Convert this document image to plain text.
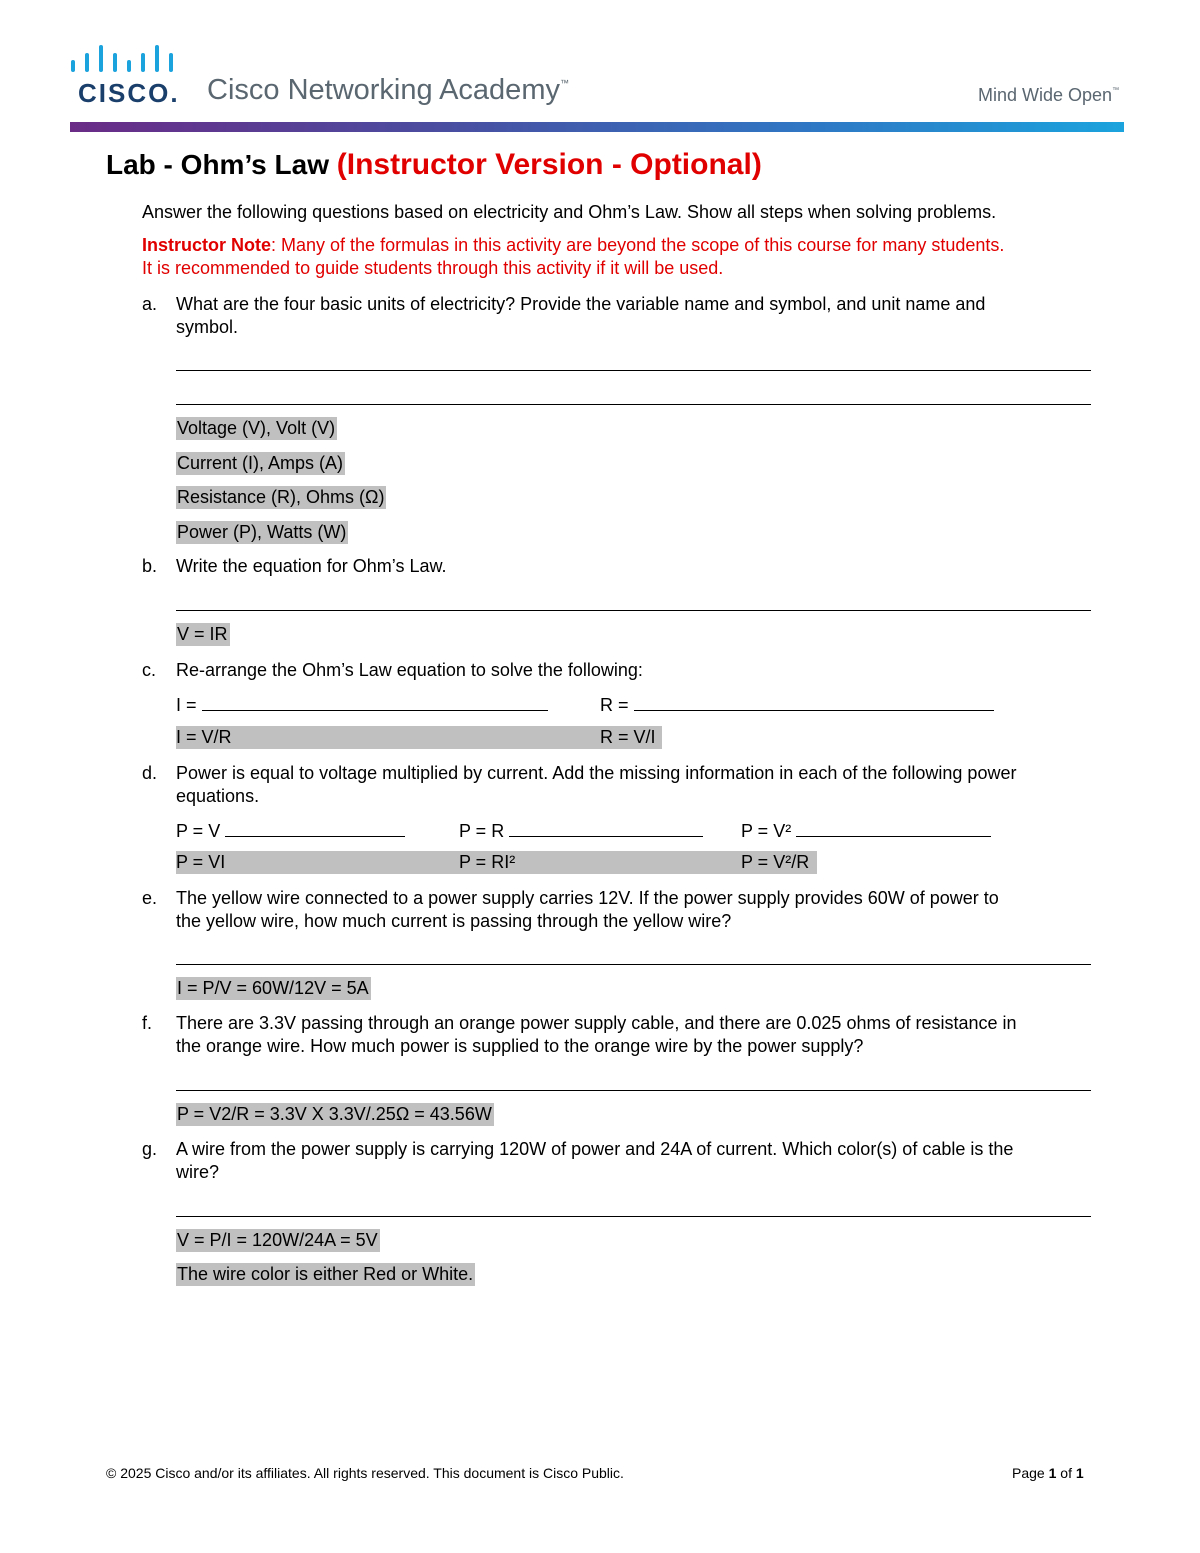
CISCO. Cisco Networking Academy™
Mind Wide Open™
Lab - Ohm’s Law (Instructor Version - Optional)
Answer the following questions based on electricity and Ohm’s Law. Show all steps when solving problems.
Instructor Note: Many of the formulas in this activity are beyond the scope of this course for many students.
It is recommended to guide students through this activity if it will be used.
a. What are the four basic units of electricity? Provide the variable name and symbol, and unit name and
symbol.
Voltage (V), Volt (V)
Current (I), Amps (A)
Resistance (R), Ohms (Ω)
Power (P), Watts (W)
b. Write the equation for Ohm’s Law.
V = IR
c. Re-arrange the Ohm’s Law equation to solve the following:
I =	R =
I = V/R	R = V/I
d. Power is equal to voltage multiplied by current. Add the missing information in each of the following power
equations.
P = V	P = R	P = V²
P = VI	P = RI²	P = V²/R
e. The yellow wire connected to a power supply carries 12V. If the power supply provides 60W of power to
the yellow wire, how much current is passing through the yellow wire?
I = P/V = 60W/12V = 5A
f. There are 3.3V passing through an orange power supply cable, and there are 0.025 ohms of resistance in
the orange wire. How much power is supplied to the orange wire by the power supply?
P = V2/R = 3.3V X 3.3V/.25Ω = 43.56W
g. A wire from the power supply is carrying 120W of power and 24A of current. Which color(s) of cable is the
wire?
V = P/I = 120W/24A = 5V
The wire color is either Red or White.
© 2025 Cisco and/or its affiliates. All rights reserved. This document is Cisco Public.	Page 1 of 1
